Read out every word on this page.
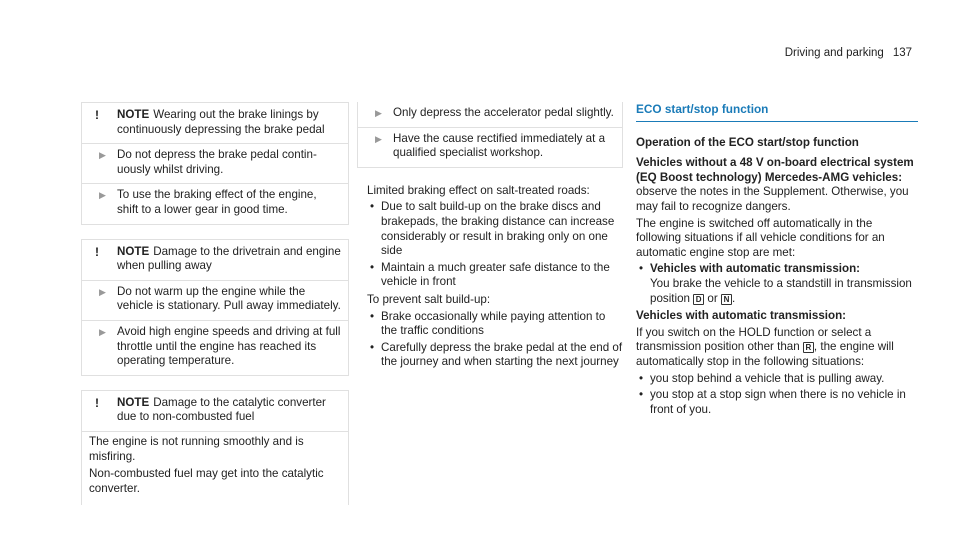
Driving and parking 137
!	NOTE Wearing out the brake linings by continuously depressing the brake pedal
▶ Do not depress the brake pedal continuously whilst driving.
▶ To use the braking effect of the engine, shift to a lower gear in good time.
!	NOTE Damage to the drivetrain and engine when pulling away
▶ Do not warm up the engine while the vehicle is stationary. Pull away immediately.
▶ Avoid high engine speeds and driving at full throttle until the engine has reached its operating temperature.
!	NOTE Damage to the catalytic converter due to non-combusted fuel

The engine is not running smoothly and is misfiring.

Non-combusted fuel may get into the catalytic converter.

▶ Only depress the accelerator pedal slightly.
▶ Have the cause rectified immediately at a qualified specialist workshop.

Limited braking effect on salt-treated roads:

• Due to salt build-up on the brake discs and brakepads, the braking distance can increase considerably or result in braking only on one side
• Maintain a much greater safe distance to the vehicle in front

To prevent salt build-up:

• Brake occasionally while paying attention to the traffic conditions
• Carefully depress the brake pedal at the end of the journey and when starting the next journey
ECO start/stop function

Operation of the ECO start/stop function

Vehicles without a 48 V on-board electrical system (EQ Boost technology) Mercedes-AMG vehicles: observe the notes in the Supplement. Otherwise, you may fail to recognize dangers.

The engine is switched off automatically in the following situations if all vehicle conditions for an automatic engine stop are met:

• Vehicles with automatic transmission:
You brake the vehicle to a standstill in transmission position D or N .

Vehicles with automatic transmission:

If you switch on the HOLD function or select a transmission position other than R , the engine will automatically stop in the following situations:

• you stop behind a vehicle that is pulling away.
• you stop at a stop sign when there is no vehicle in front of you.
